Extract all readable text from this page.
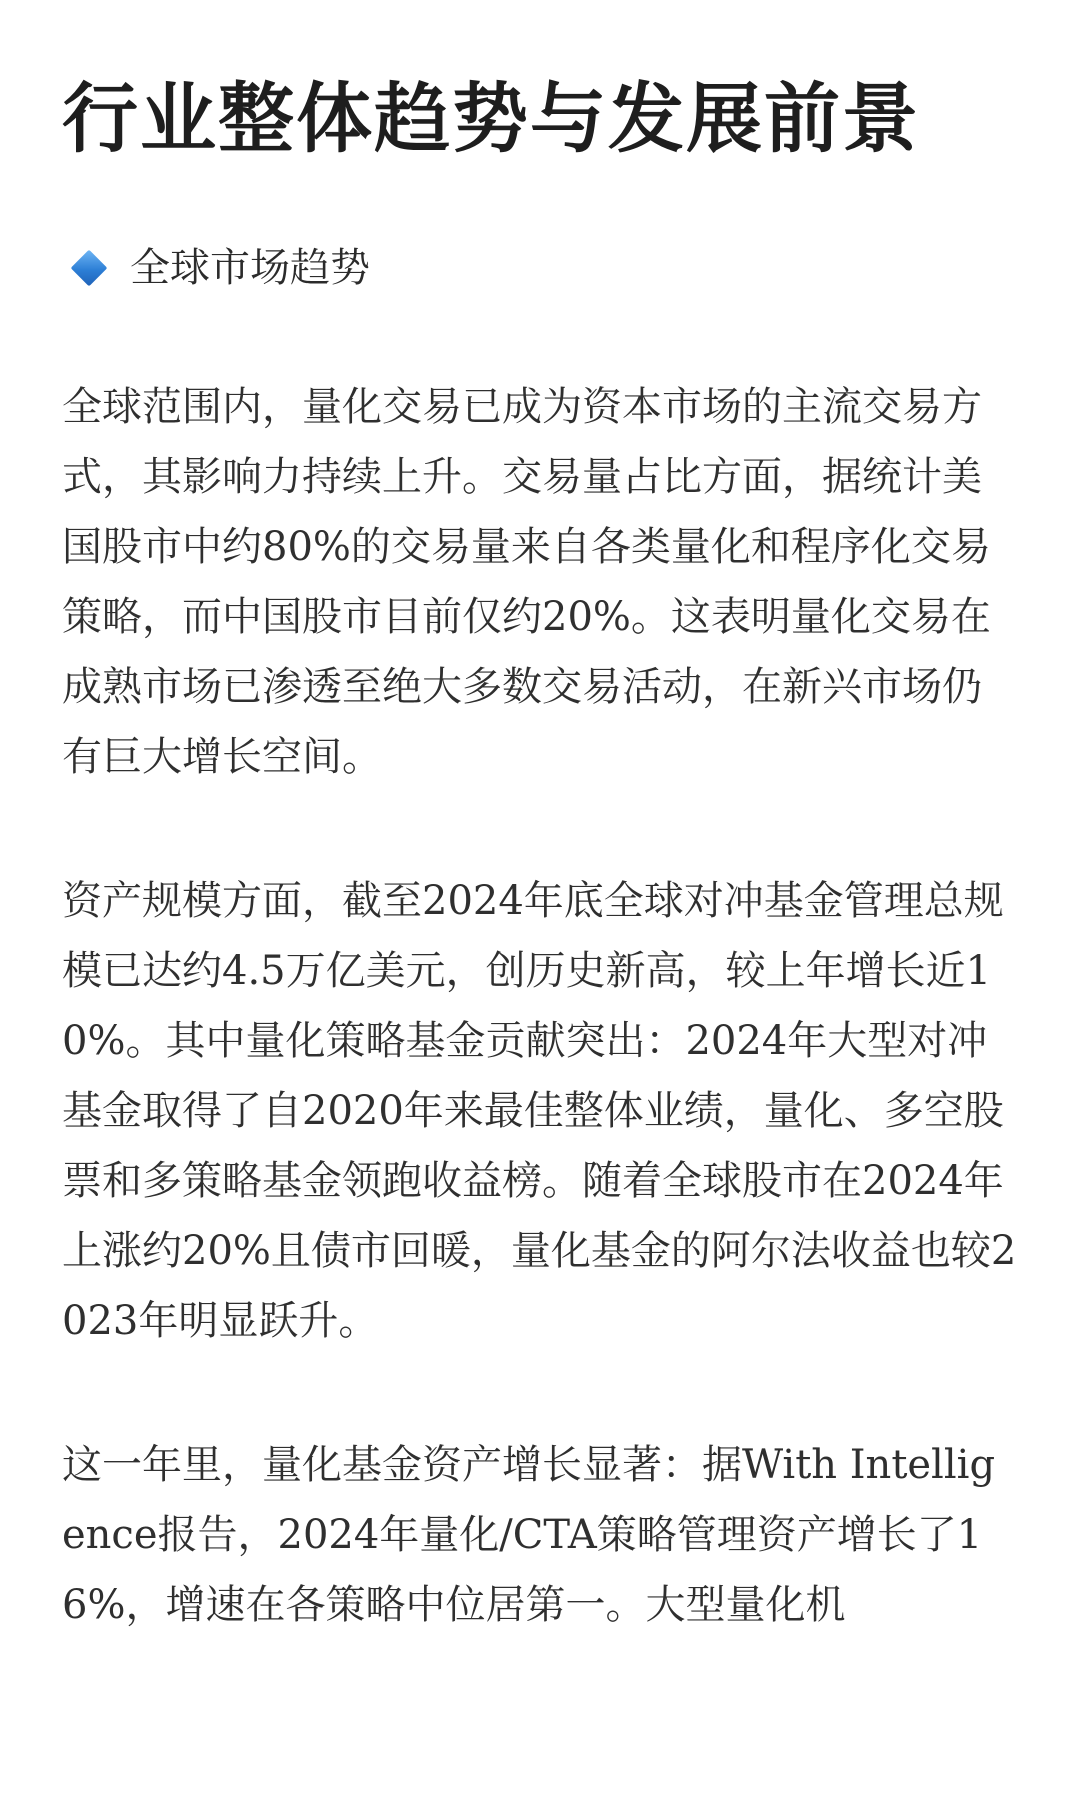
行业整体趋势与发展前景
全球市场趋势

全球范围内，量化交易已成为资本市场的主流交易方式，其影响力持续上升。交易量占比方面，据统计美国股市中约80%的交易量来自各类量化和程序化交易策略，而中国股市目前仅约20%。这表明量化交易在成熟市场已渗透至绝大多数交易活动，在新兴市场仍有巨大增长空间。

资产规模方面，截至2024年底全球对冲基金管理总规模已达约4.5万亿美元，创历史新高，较上年增长近10%。其中量化策略基金贡献突出：2024年大型对冲基金取得了自2020年来最佳整体业绩，量化、多空股票和多策略基金领跑收益榜。随着全球股市在2024年上涨约20%且债市回暖，量化基金的阿尔法收益也较2023年明显跃升。

这一年里，量化基金资产增长显著：据With Intelligence报告，2024年量化/CTA策略管理资产增长了16%，增速在各策略中位居第一。大型量化机
